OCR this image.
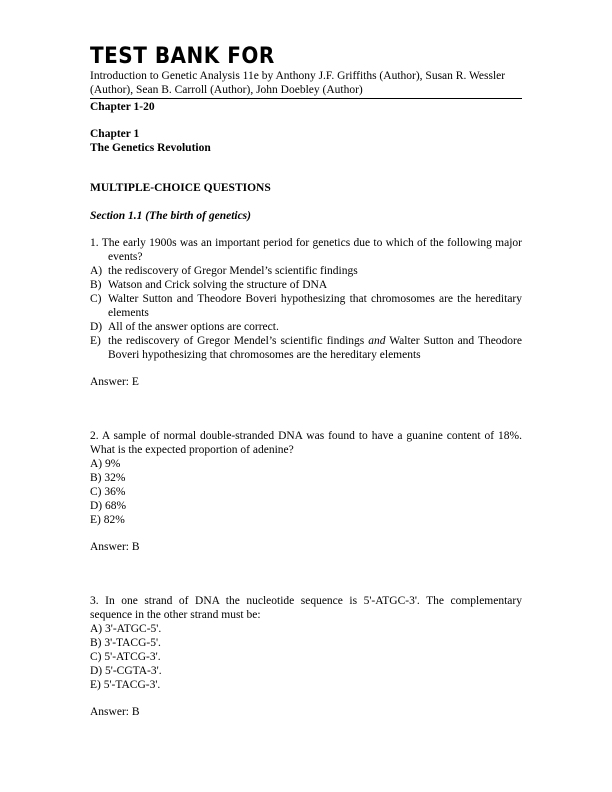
TEST BANK FOR
Introduction to Genetic Analysis 11e by Anthony J.F. Griffiths (Author), Susan R. Wessler (Author), Sean B. Carroll (Author), John Doebley (Author)
Chapter 1-20
Chapter 1
The Genetics Revolution
MULTIPLE-CHOICE QUESTIONS
Section 1.1 (The birth of genetics)
1. The early 1900s was an important period for genetics due to which of the following major events?
A) the rediscovery of Gregor Mendel’s scientific findings
B) Watson and Crick solving the structure of DNA
C) Walter Sutton and Theodore Boveri hypothesizing that chromosomes are the hereditary elements
D) All of the answer options are correct.
E) the rediscovery of Gregor Mendel’s scientific findings and Walter Sutton and Theodore Boveri hypothesizing that chromosomes are the hereditary elements
Answer: E
2. A sample of normal double-stranded DNA was found to have a guanine content of 18%. What is the expected proportion of adenine?
A) 9%
B) 32%
C) 36%
D) 68%
E) 82%
Answer: B
3. In one strand of DNA the nucleotide sequence is 5'-ATGC-3'. The complementary sequence in the other strand must be:
A) 3'-ATGC-5'.
B) 3'-TACG-5'.
C) 5'-ATCG-3'.
D) 5'-CGTA-3'.
E) 5'-TACG-3'.
Answer: B
